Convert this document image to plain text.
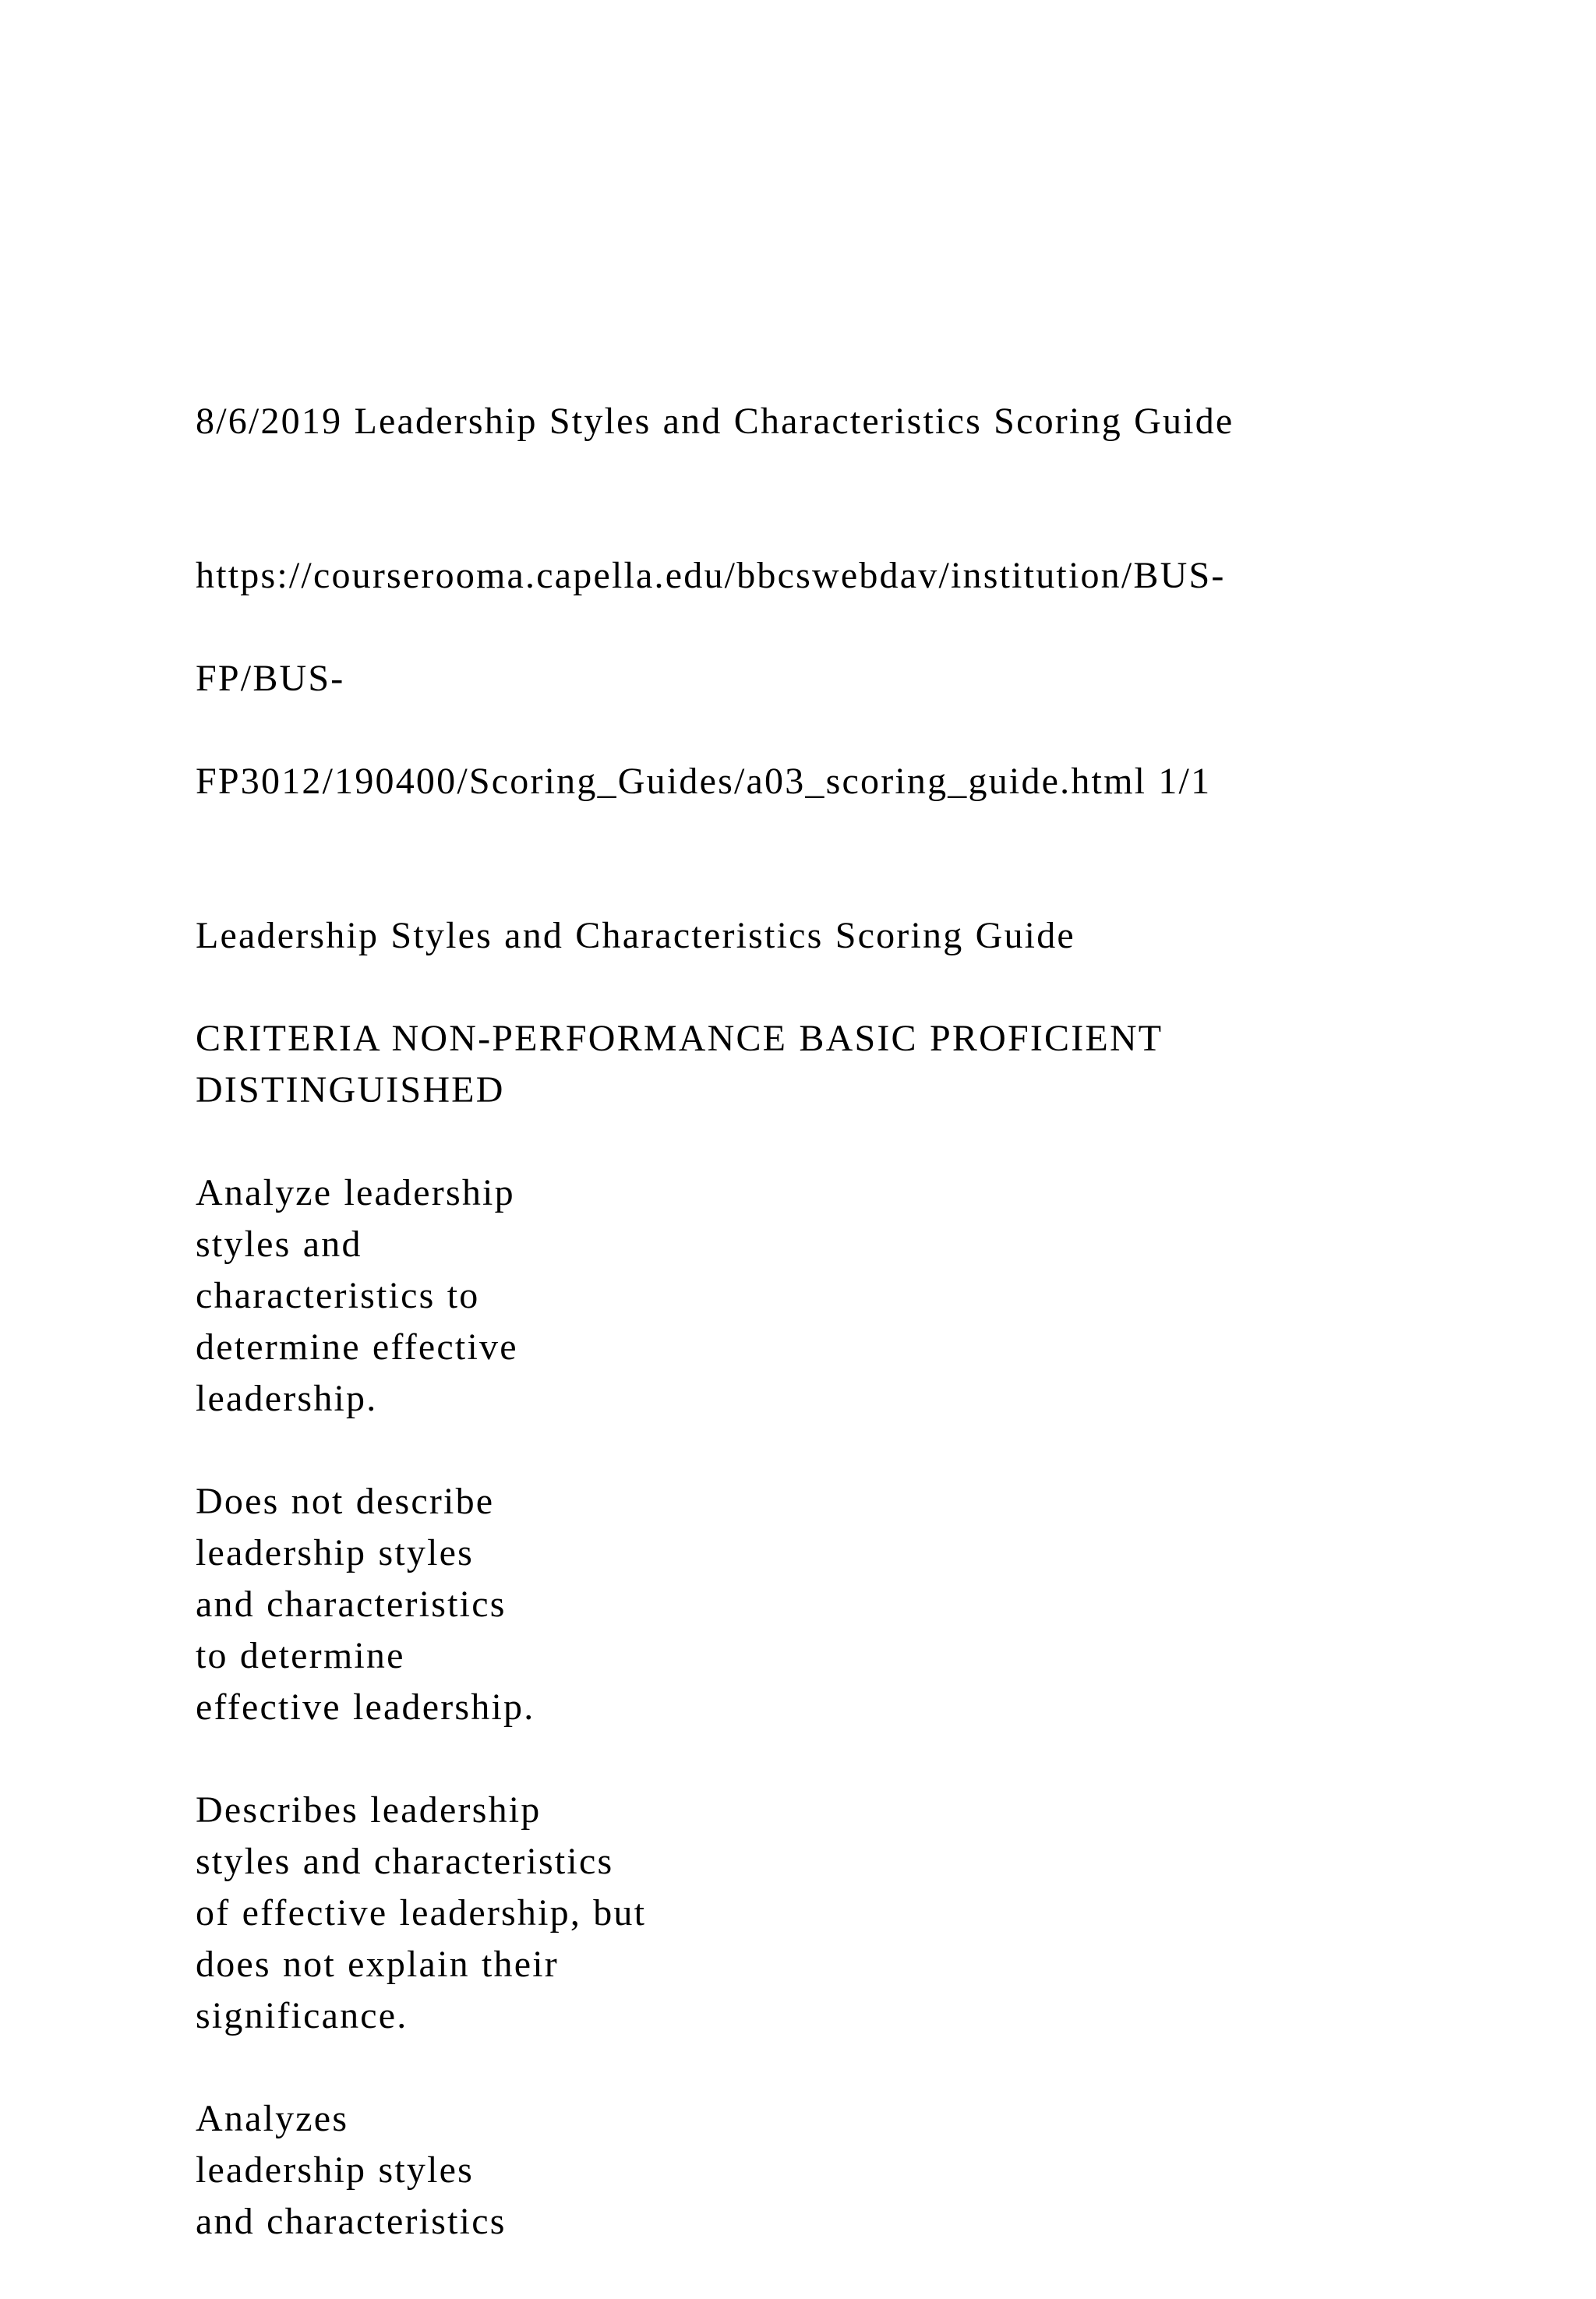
8/6/2019 Leadership Styles and Characteristics Scoring Guide

https://courserooma.capella.edu/bbcswebdav/institution/BUS-

FP/BUS-

FP3012/190400/Scoring_Guides/a03_scoring_guide.html 1/1

Leadership Styles and Characteristics Scoring Guide

CRITERIA NON-PERFORMANCE BASIC PROFICIENT
DISTINGUISHED

Analyze leadership
styles and
characteristics to
determine effective
leadership.

Does not describe
leadership styles
and characteristics
to determine
effective leadership.

Describes leadership
styles and characteristics
of effective leadership, but
does not explain their
significance.

Analyzes
leadership styles
and characteristics
